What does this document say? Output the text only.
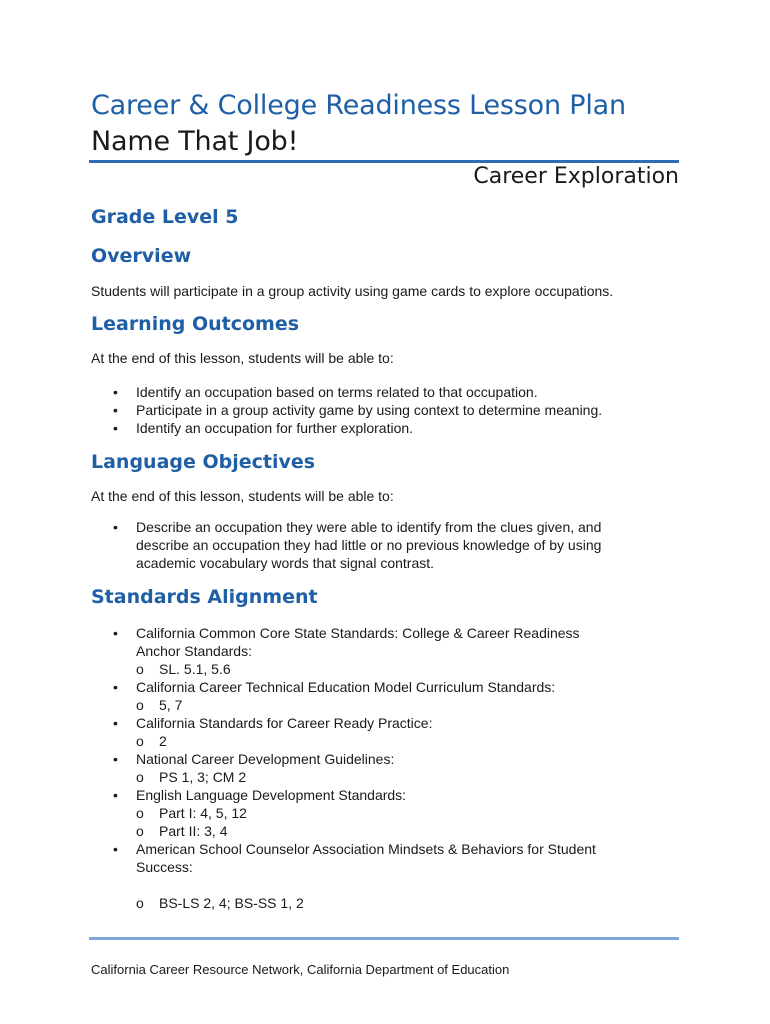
Career & College Readiness Lesson Plan
Name That Job!
Career Exploration
Grade Level 5
Overview
Students will participate in a group activity using game cards to explore occupations.
Learning Outcomes
At the end of this lesson, students will be able to:
• Identify an occupation based on terms related to that occupation.
• Participate in a group activity game by using context to determine meaning.
• Identify an occupation for further exploration.
Language Objectives
At the end of this lesson, students will be able to:
• Describe an occupation they were able to identify from the clues given, and describe an occupation they had little or no previous knowledge of by using academic vocabulary words that signal contrast.
Standards Alignment
• California Common Core State Standards: College & Career Readiness Anchor Standards:
o SL. 5.1, 5.6
• California Career Technical Education Model Curriculum Standards:
o 5, 7
• California Standards for Career Ready Practice:
o 2
• National Career Development Guidelines:
o PS 1, 3; CM 2
• English Language Development Standards:
o Part I: 4, 5, 12
o Part II: 3, 4
• American School Counselor Association Mindsets & Behaviors for Student Success:
o BS-LS 2, 4; BS-SS 1, 2
California Career Resource Network, California Department of Education
